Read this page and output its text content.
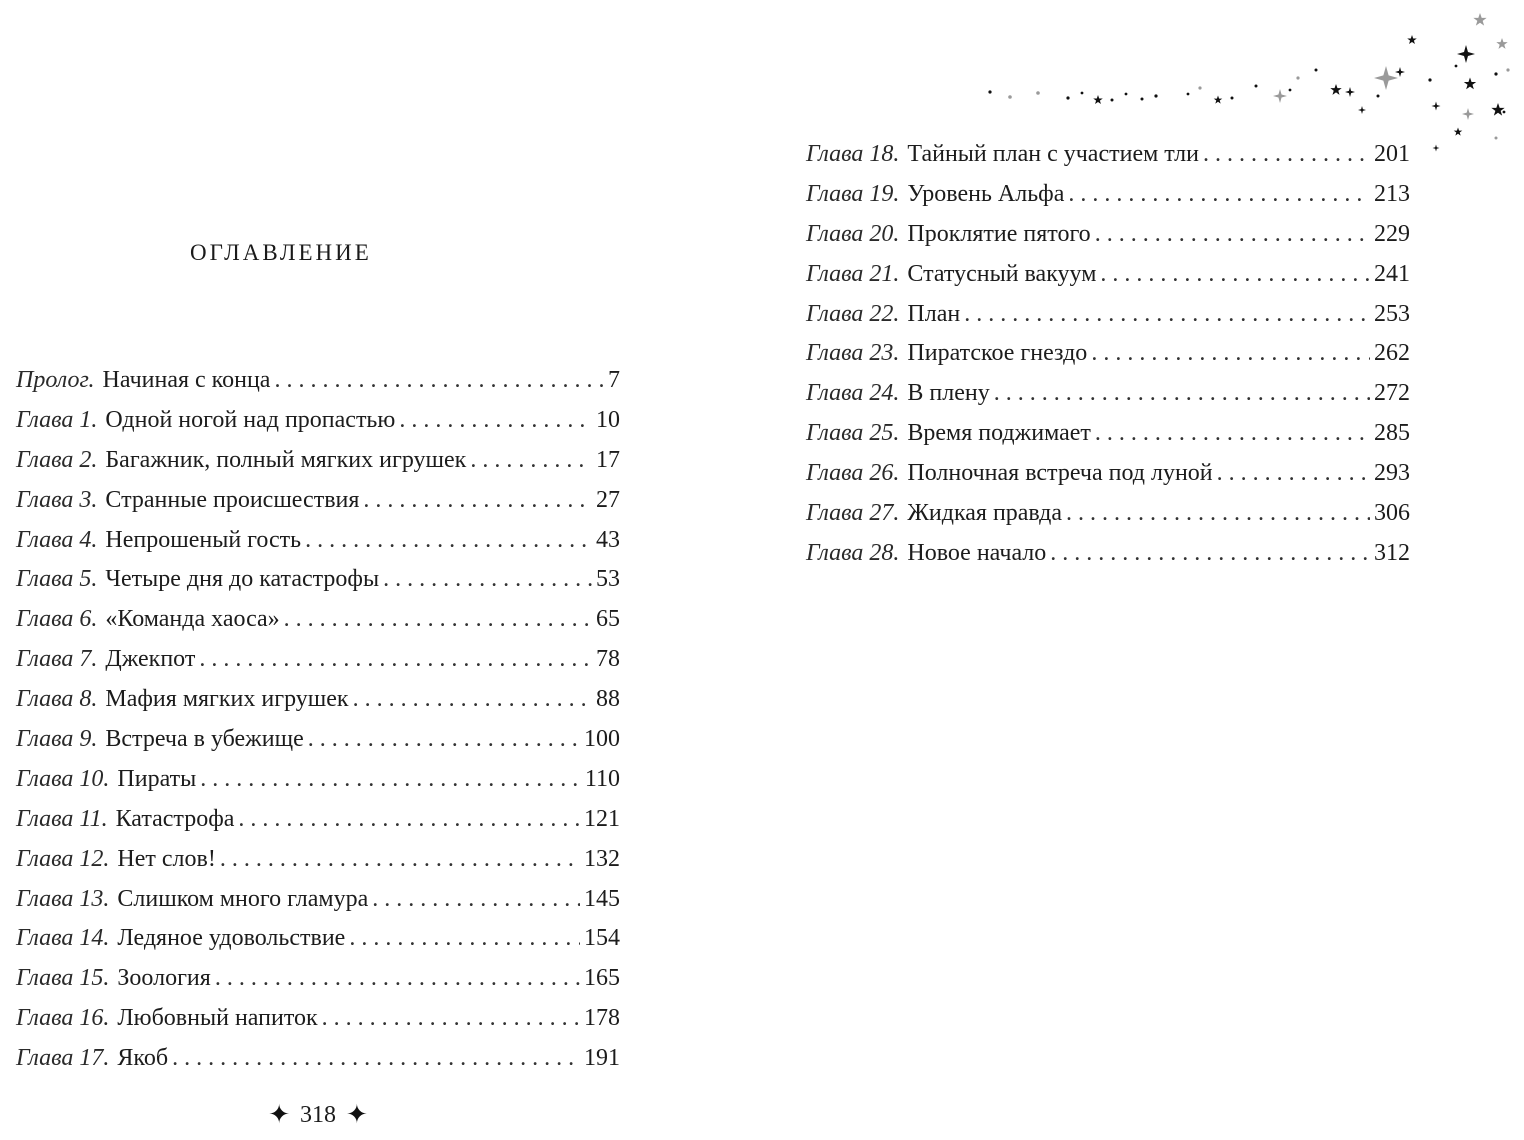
оглавление
Пролог. Начиная с конца . . .	7
Глава 1. Одной ногой над пропастью . . .	10
Глава 2. Багажник, полный мягких игрушек . . .	17
Глава 3. Странные происшествия . . .	27
Глава 4. Непрошеный гость . . .	43
Глава 5. Четыре дня до катастрофы . . .	53
Глава 6. «Команда хаоса» . . .	65
Глава 7. Джекпот . . .	78
Глава 8. Мафия мягких игрушек . . .	88
Глава 9. Встреча в убежище . . .	100
Глава 10. Пираты . . .	110
Глава 11. Катастрофа . . .	121
Глава 12. Нет слов! . . .	132
Глава 13. Слишком много гламура . . .	145
Глава 14. Ледяное удовольствие . . .	154
Глава 15. Зоология . . .	165
Глава 16. Любовный напиток . . .	178
Глава 17. Якоб . . .	191
✦ 318 ✦
Глава 18. Тайный план с участием тли . . .	201
Глава 19. Уровень Альфа . . .	213
Глава 20. Проклятие пятого . . .	229
Глава 21. Статусный вакуум . . .	241
Глава 22. План . . .	253
Глава 23. Пиратское гнездо . . .	262
Глава 24. В плену . . .	272
Глава 25. Время поджимает . . .	285
Глава 26. Полночная встреча под луной . . .	293
Глава 27. Жидкая правда . . .	306
Глава 28. Новое начало . . .	312
